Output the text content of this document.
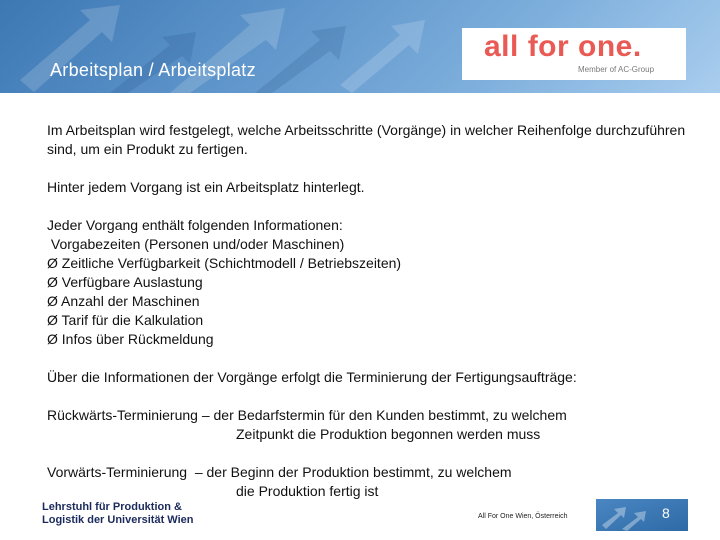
Arbeitsplan / Arbeitsplatz
all for one.
Member of AC-Group

Im Arbeitsplan wird festgelegt, welche Arbeitsschritte (Vorgänge) in welcher Reihenfolge durchzuführen sind, um ein Produkt zu fertigen.

Hinter jedem Vorgang ist ein Arbeitsplatz hinterlegt.

Jeder Vorgang enthält folgenden Informationen:

Vorgabezeiten (Personen und/oder Maschinen)

Ø Zeitliche Verfügbarkeit (Schichtmodell / Betriebszeiten)

Ø Verfügbare Auslastung

Ø Anzahl der Maschinen

Ø Tarif für die Kalkulation

Ø Infos über Rückmeldung

Über die Informationen der Vorgänge erfolgt die Terminierung der Fertigungsaufträge:

Rückwärts-Terminierung – der Bedarfstermin für den Kunden bestimmt, zu welchem

Zeitpunkt die Produktion begonnen werden muss

Vorwärts-Terminierung  – der Beginn der Produktion bestimmt, zu welchem

die Produktion fertig ist

Lehrstuhl für Produktion &
Logistik der Universität Wien	All For One Wien, Österreich	8
